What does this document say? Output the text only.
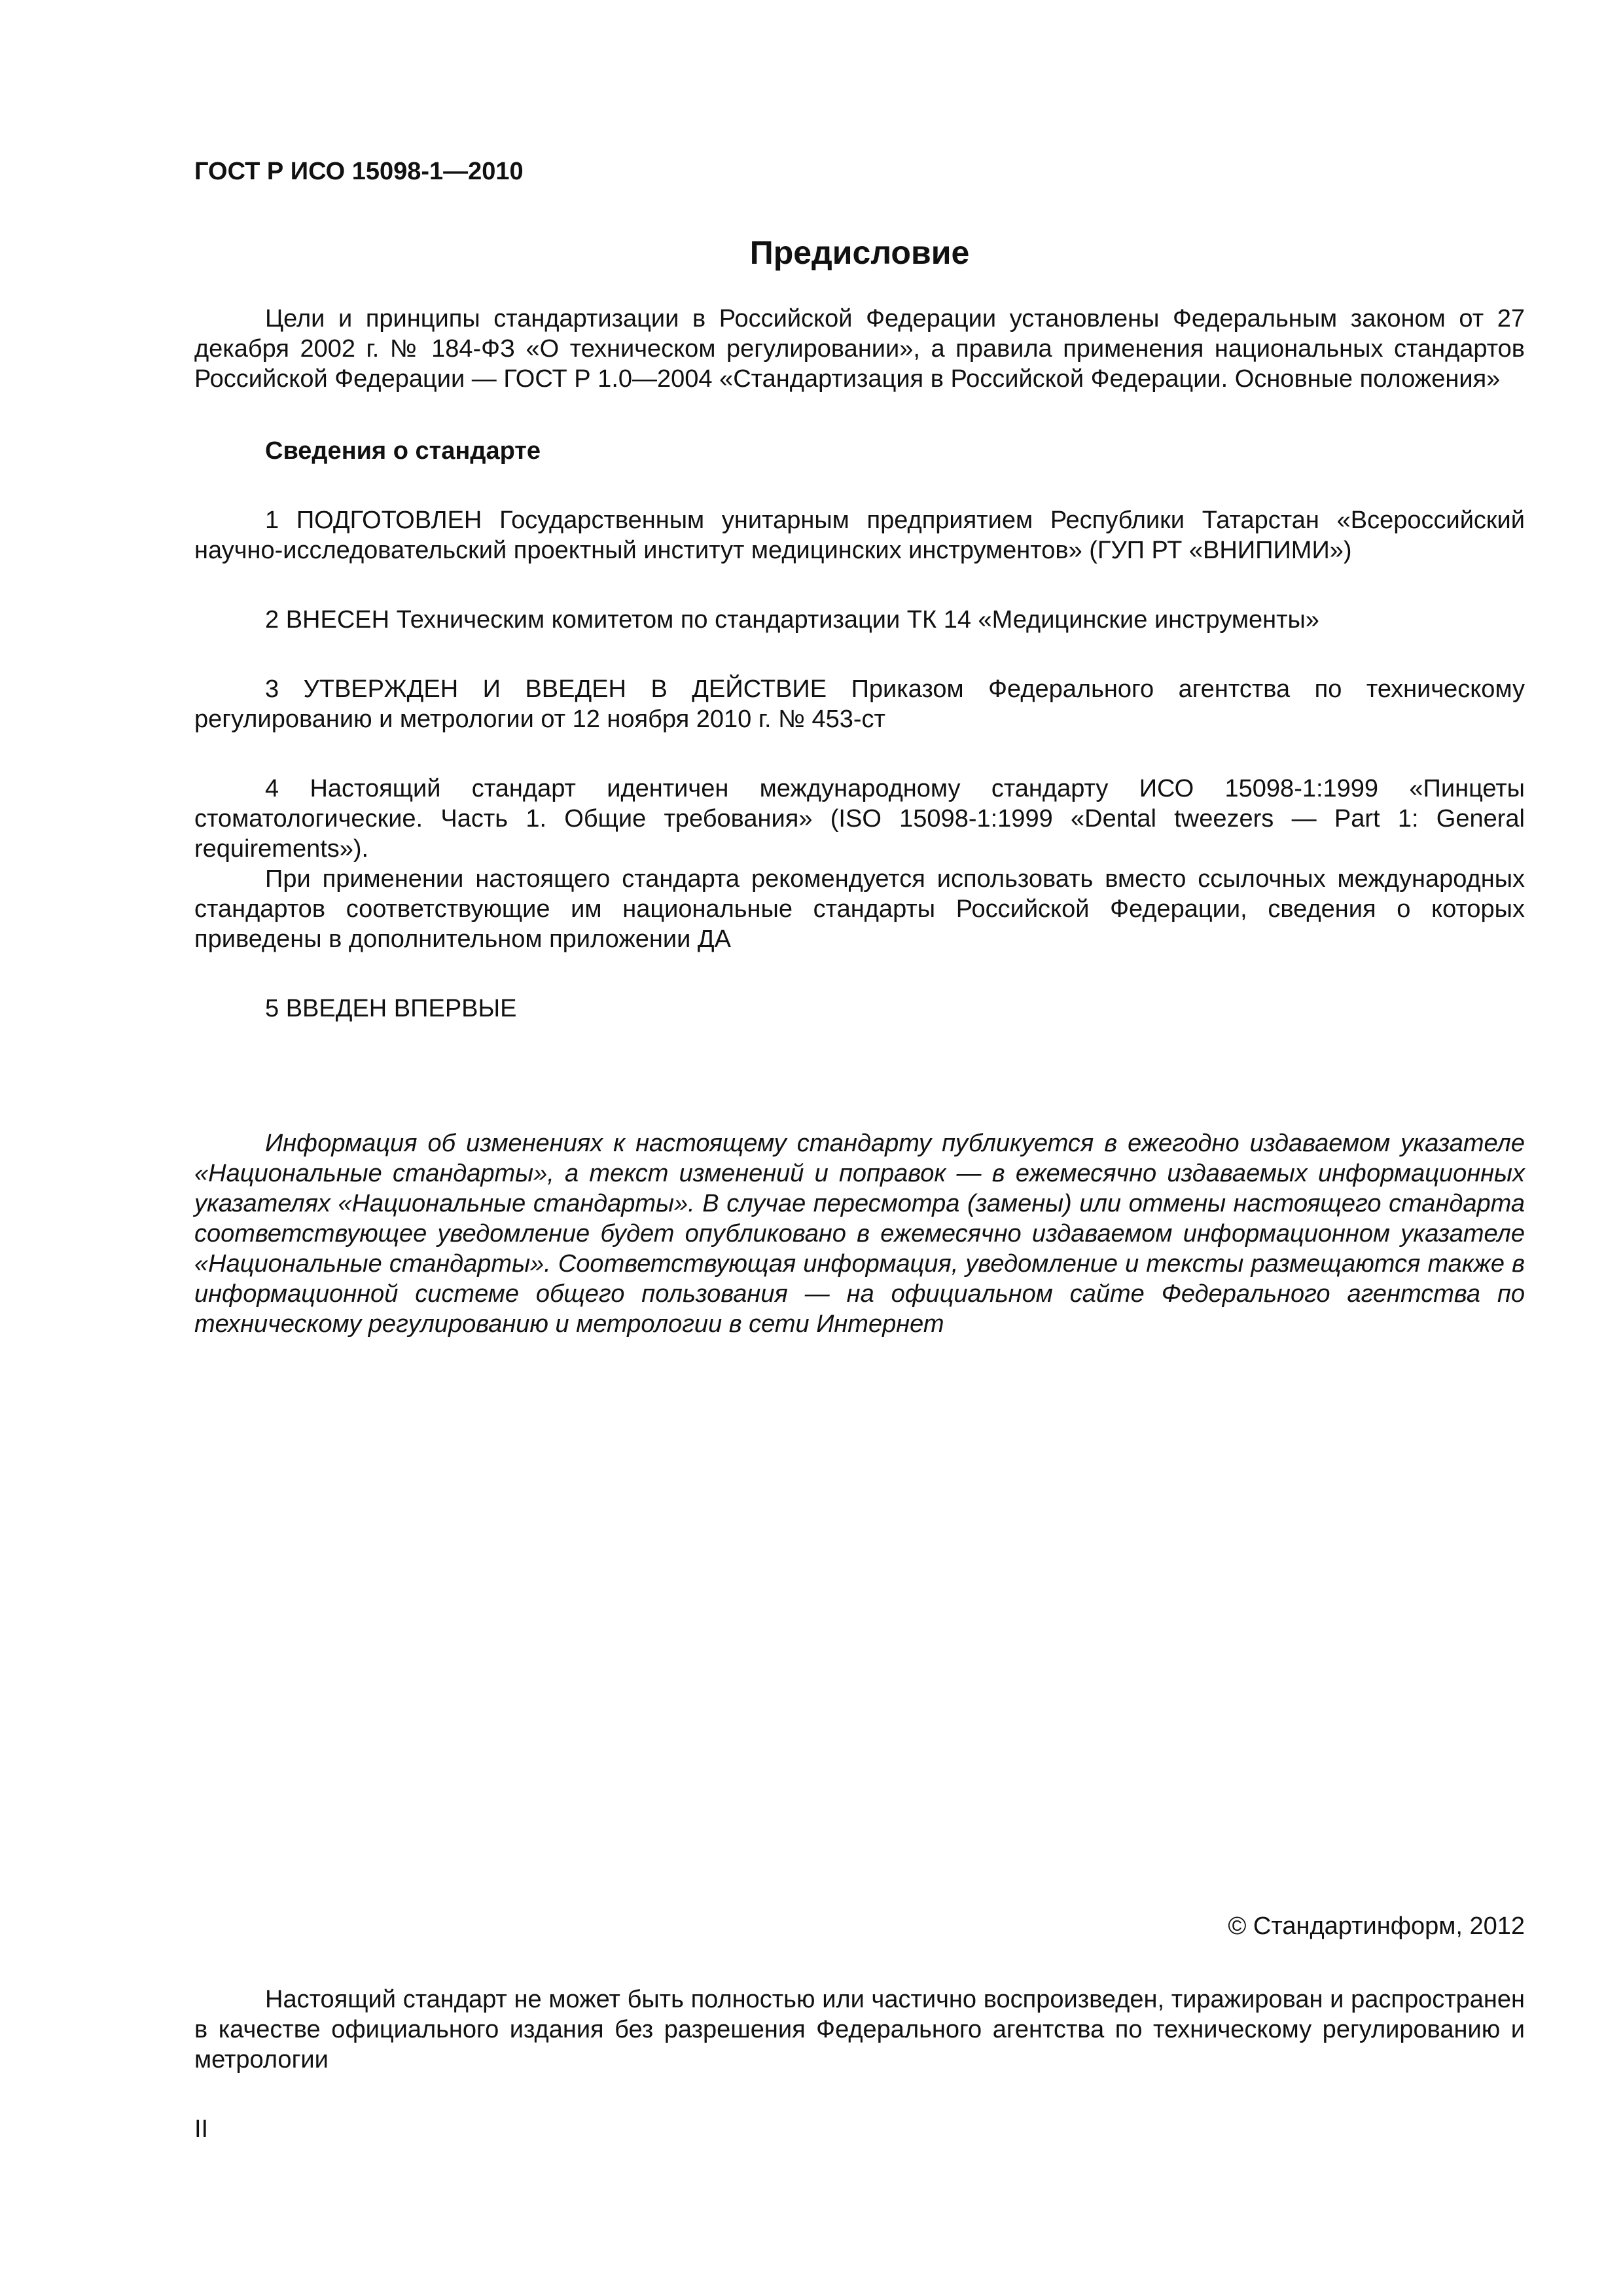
ГОСТ Р ИСО 15098-1—2010
Предисловие

Цели и принципы стандартизации в Российской Федерации установлены Федеральным законом от 27 декабря 2002 г. № 184-ФЗ «О техническом регулировании», а правила применения национальных стандартов Российской Федерации — ГОСТ Р 1.0—2004 «Стандартизация в Российской Федерации. Основные положения»

Сведения о стандарте

1 ПОДГОТОВЛЕН Государственным унитарным предприятием Республики Татарстан «Всероссийский научно-исследовательский проектный институт медицинских инструментов» (ГУП РТ «ВНИПИМИ»)

2 ВНЕСЕН Техническим комитетом по стандартизации ТК 14 «Медицинские инструменты»

3 УТВЕРЖДЕН И ВВЕДЕН В ДЕЙСТВИЕ Приказом Федерального агентства по техническому регулированию и метрологии от 12 ноября 2010 г. № 453-ст

4 Настоящий стандарт идентичен международному стандарту ИСО 15098-1:1999 «Пинцеты стоматологические. Часть 1. Общие требования» (ISO 15098-1:1999 «Dental tweezers — Part 1: General requirements»).

При применении настоящего стандарта рекомендуется использовать вместо ссылочных международных стандартов соответствующие им национальные стандарты Российской Федерации, сведения о которых приведены в дополнительном приложении ДА

5 ВВЕДЕН ВПЕРВЫЕ

Информация об изменениях к настоящему стандарту публикуется в ежегодно издаваемом указателе «Национальные стандарты», а текст изменений и поправок — в ежемесячно издаваемых информационных указателях «Национальные стандарты». В случае пересмотра (замены) или отмены настоящего стандарта соответствующее уведомление будет опубликовано в ежемесячно издаваемом информационном указателе «Национальные стандарты». Соответствующая информация, уведомление и тексты размещаются также в информационной системе общего пользования — на официальном сайте Федерального агентства по техническому регулированию и метрологии в сети Интернет

© Стандартинформ, 2012

Настоящий стандарт не может быть полностью или частично воспроизведен, тиражирован и распространен в качестве официального издания без разрешения Федерального агентства по техническому регулированию и метрологии

II
